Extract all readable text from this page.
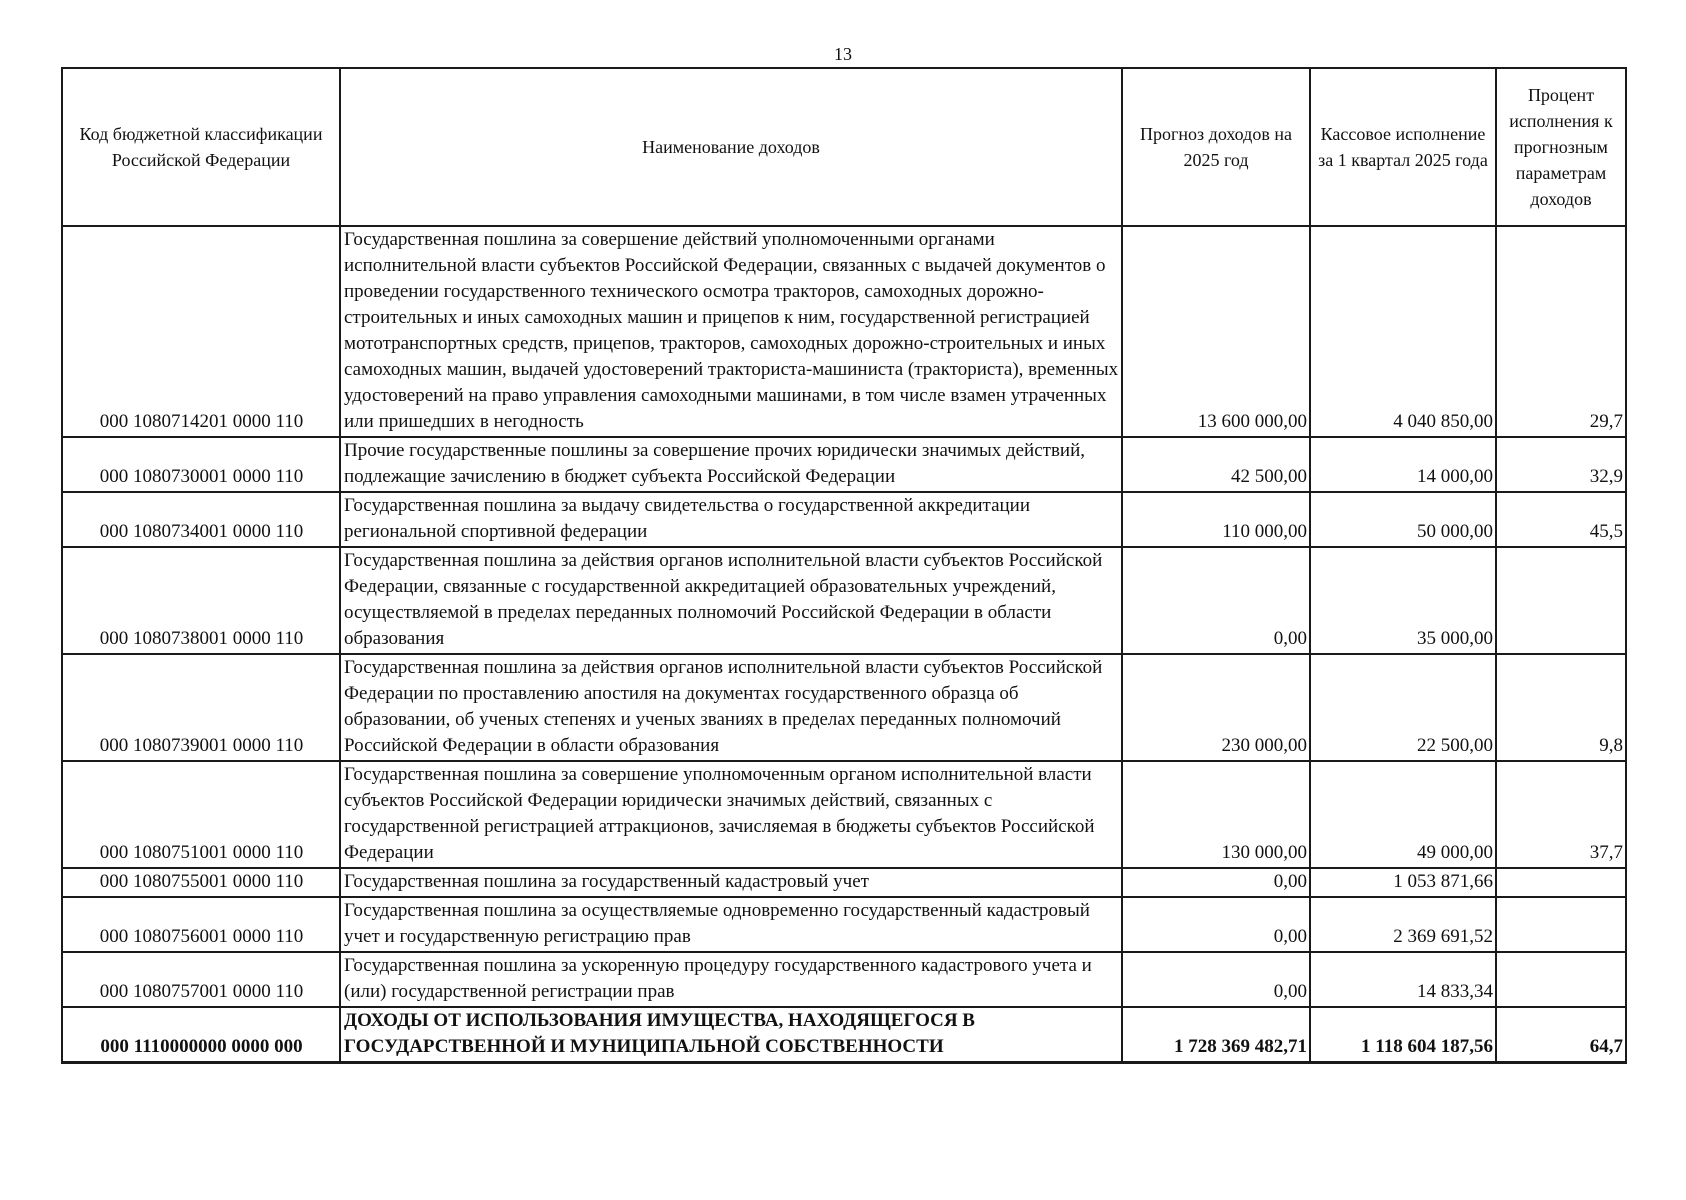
13
Код бюджетной классификации Российской Федерации	Наименование доходов	Прогноз доходов на 2025 год	Кассовое исполнение за 1 квартал 2025 года	Процент исполнения к прогнозным параметрам доходов
000 1080714201 0000 110	Государственная пошлина за совершение действий уполномоченными органами исполнительной власти субъектов Российской Федерации, связанных с выдачей документов о проведении государственного технического осмотра тракторов, самоходных дорожно-строительных и иных самоходных машин и прицепов к ним, государственной регистрацией мототранспортных средств, прицепов, тракторов, самоходных дорожно-строительных и иных самоходных машин, выдачей удостоверений тракториста-машиниста (тракториста), временных удостоверений на право управления самоходными машинами, в том числе взамен утраченных или пришедших в негодность	13 600 000,00	4 040 850,00	29,7
000 1080730001 0000 110	Прочие государственные пошлины за совершение прочих юридически значимых действий, подлежащие зачислению в бюджет субъекта Российской Федерации	42 500,00	14 000,00	32,9
000 1080734001 0000 110	Государственная пошлина за выдачу свидетельства о государственной аккредитации региональной спортивной федерации	110 000,00	50 000,00	45,5
000 1080738001 0000 110	Государственная пошлина за действия органов исполнительной власти субъектов Российской Федерации, связанные с государственной аккредитацией образовательных учреждений, осуществляемой в пределах переданных полномочий Российской Федерации в области образования	0,00	35 000,00	
000 1080739001 0000 110	Государственная пошлина за действия органов исполнительной власти субъектов Российской Федерации по проставлению апостиля на документах государственного образца об образовании, об ученых степенях и ученых званиях в пределах переданных полномочий Российской Федерации в области образования	230 000,00	22 500,00	9,8
000 1080751001 0000 110	Государственная пошлина за совершение уполномоченным органом исполнительной власти субъектов Российской Федерации юридически значимых действий, связанных с государственной регистрацией аттракционов, зачисляемая в бюджеты субъектов Российской Федерации	130 000,00	49 000,00	37,7
000 1080755001 0000 110	Государственная пошлина за государственный кадастровый учет	0,00	1 053 871,66	
000 1080756001 0000 110	Государственная пошлина за осуществляемые одновременно государственный кадастровый учет и государственную регистрацию прав	0,00	2 369 691,52	
000 1080757001 0000 110	Государственная пошлина за ускоренную процедуру государственного кадастрового учета и (или) государственной регистрации прав	0,00	14 833,34	
000 1110000000 0000 000	ДОХОДЫ ОТ ИСПОЛЬЗОВАНИЯ ИМУЩЕСТВА, НАХОДЯЩЕГОСЯ В ГОСУДАРСТВЕННОЙ И МУНИЦИПАЛЬНОЙ СОБСТВЕННОСТИ	1 728 369 482,71	1 118 604 187,56	64,7
